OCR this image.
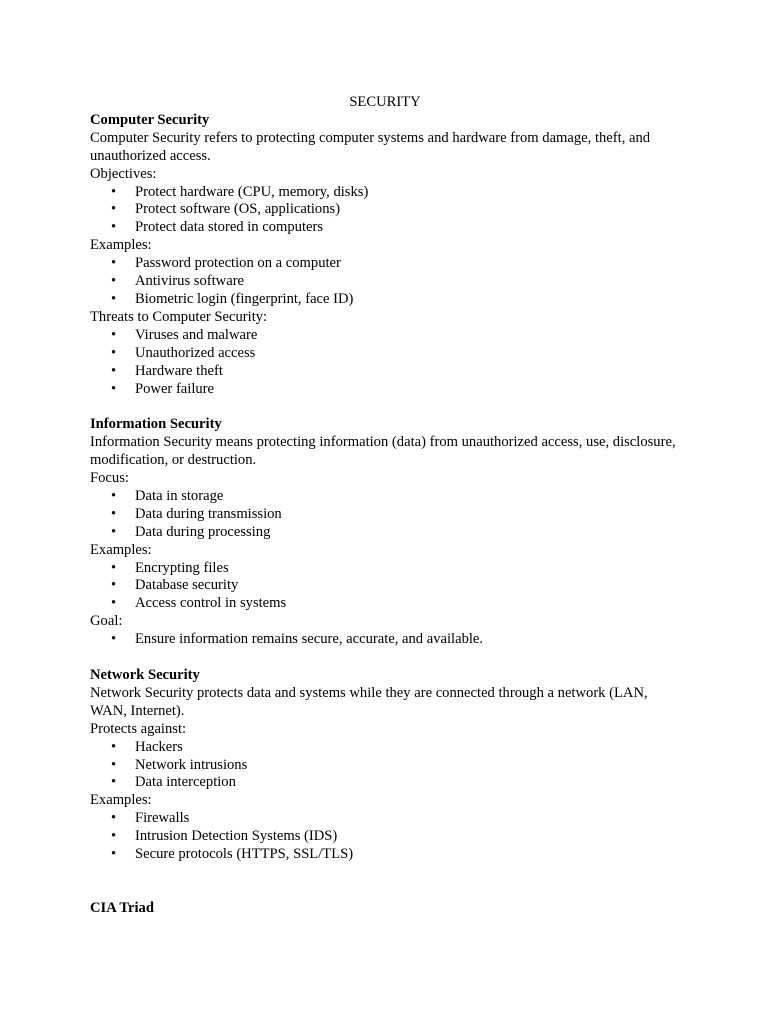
SECURITY

Computer Security

Computer Security refers to protecting computer systems and hardware from damage, theft, and unauthorized access.

Objectives:

• Protect hardware (CPU, memory, disks)
• Protect software (OS, applications)
• Protect data stored in computers

Examples:

• Password protection on a computer
• Antivirus software
• Biometric login (fingerprint, face ID)

Threats to Computer Security:

• Viruses and malware
• Unauthorized access
• Hardware theft
• Power failure

Information Security

Information Security means protecting information (data) from unauthorized access, use, disclosure, modification, or destruction.

Focus:

• Data in storage
• Data during transmission
• Data during processing

Examples:

• Encrypting files
• Database security
• Access control in systems

Goal:

• Ensure information remains secure, accurate, and available.

Network Security

Network Security protects data and systems while they are connected through a network (LAN, WAN, Internet).

Protects against:

• Hackers
• Network intrusions
• Data interception

Examples:

• Firewalls
• Intrusion Detection Systems (IDS)
• Secure protocols (HTTPS, SSL/TLS)

CIA Triad
